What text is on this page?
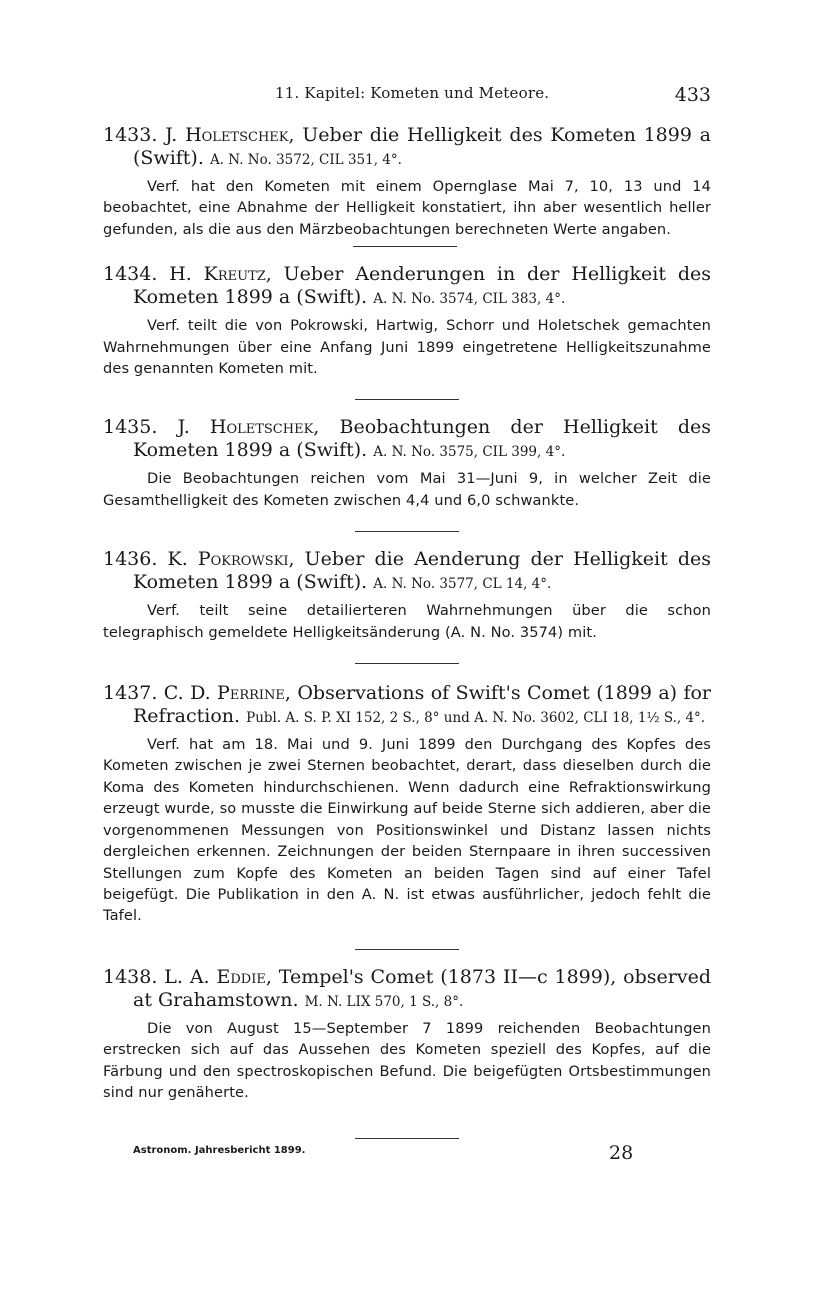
11. Kapitel: Kometen und Meteore.	433
1433. J. Holetschek, Ueber die Helligkeit des Kometen 1899 a (Swift). A. N. No. 3572, CIL 351, 4°.
Verf. hat den Kometen mit einem Opernglase Mai 7, 10, 13 und 14 beobachtet, eine Abnahme der Helligkeit konstatiert, ihn aber wesentlich heller gefunden, als die aus den Märzbeobachtungen berechneten Werte angaben.
1434. H. Kreutz, Ueber Aenderungen in der Helligkeit des Kometen 1899 a (Swift). A. N. No. 3574, CIL 383, 4°.
Verf. teilt die von Pokrowski, Hartwig, Schorr und Holetschek gemachten Wahrnehmungen über eine Anfang Juni 1899 eingetretene Helligkeitszunahme des genannten Kometen mit.
1435. J. Holetschek, Beobachtungen der Helligkeit des Kometen 1899 a (Swift). A. N. No. 3575, CIL 399, 4°.
Die Beobachtungen reichen vom Mai 31—Juni 9, in welcher Zeit die Gesamthelligkeit des Kometen zwischen 4,4 und 6,0 schwankte.
1436. K. Pokrowski, Ueber die Aenderung der Helligkeit des Kometen 1899 a (Swift). A. N. No. 3577, CL 14, 4°.
Verf. teilt seine detailierteren Wahrnehmungen über die schon telegraphisch gemeldete Helligkeitsänderung (A. N. No. 3574) mit.
1437. C. D. Perrine, Observations of Swift's Comet (1899 a) for Refraction. Publ. A. S. P. XI 152, 2 S., 8° und A. N. No. 3602, CLI 18, 1½ S., 4°.
Verf. hat am 18. Mai und 9. Juni 1899 den Durchgang des Kopfes des Kometen zwischen je zwei Sternen beobachtet, derart, dass dieselben durch die Koma des Kometen hindurchschienen. Wenn dadurch eine Refraktionswirkung erzeugt wurde, so musste die Einwirkung auf beide Sterne sich addieren, aber die vorgenommenen Messungen von Positionswinkel und Distanz lassen nichts dergleichen erkennen. Zeichnungen der beiden Sternpaare in ihren successiven Stellungen zum Kopfe des Kometen an beiden Tagen sind auf einer Tafel beigefügt. Die Publikation in den A. N. ist etwas ausführlicher, jedoch fehlt die Tafel.
1438. L. A. Eddie, Tempel's Comet (1873 II—c 1899), observed at Grahamstown. M. N. LIX 570, 1 S., 8°.
Die von August 15—September 7 1899 reichenden Beobachtungen erstrecken sich auf das Aussehen des Kometen speziell des Kopfes, auf die Färbung und den spectroskopischen Befund. Die beigefügten Ortsbestimmungen sind nur genäherte.
Astronom. Jahresbericht 1899.	28
